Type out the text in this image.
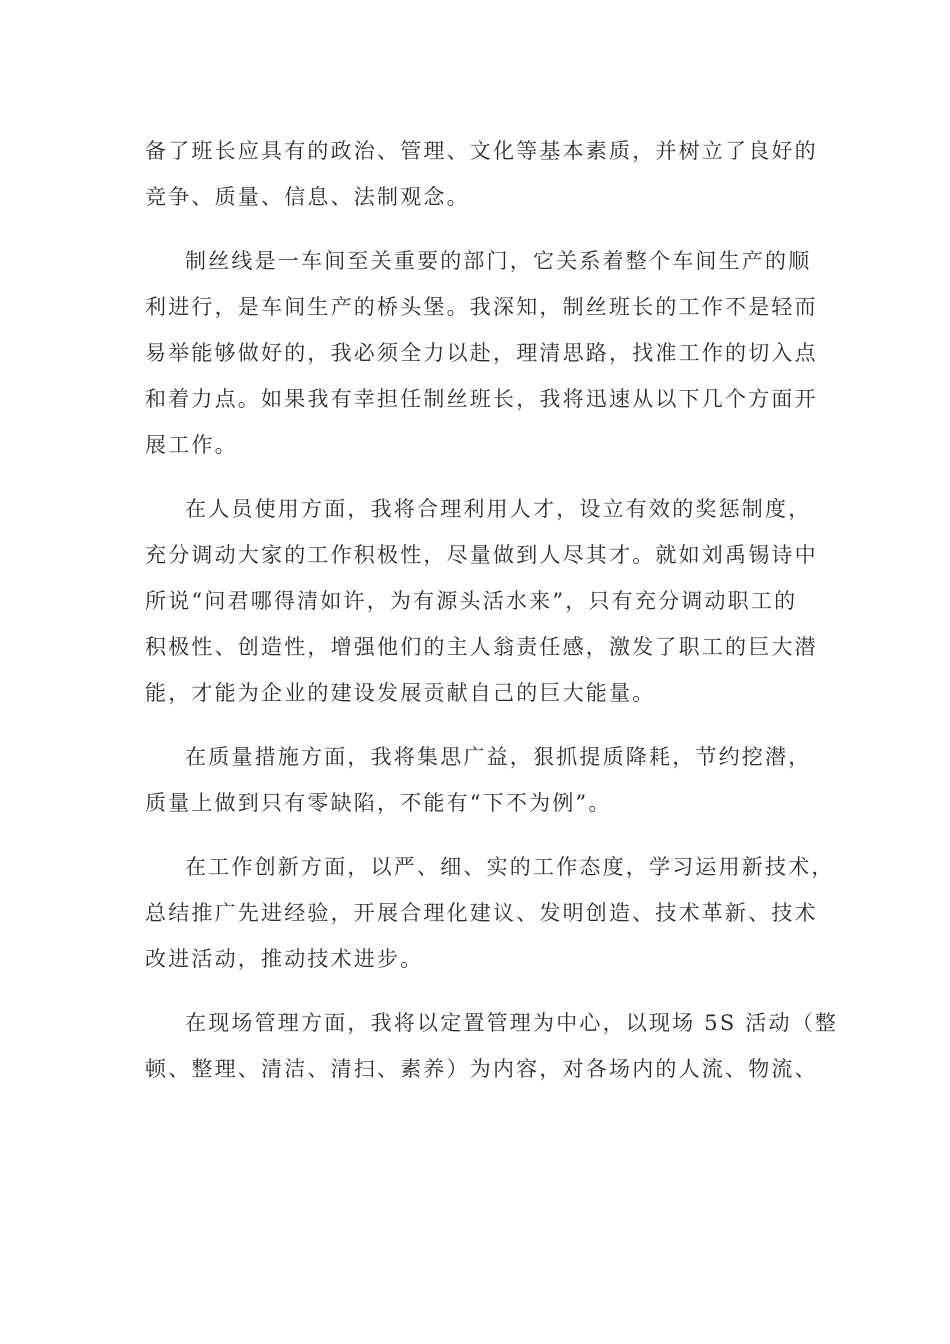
备了班长应具有的政治、管理、文化等基本素质，并树立了良好的
竞争、质量、信息、法制观念。
制丝线是一车间至关重要的部门，它关系着整个车间生产的顺
利进行，是车间生产的桥头堡。我深知，制丝班长的工作不是轻而
易举能够做好的，我必须全力以赴，理清思路，找准工作的切入点
和着力点。如果我有幸担任制丝班长，我将迅速从以下几个方面开
展工作。
在人员使用方面，我将合理利用人才，设立有效的奖惩制度，
充分调动大家的工作积极性，尽量做到人尽其才。就如刘禹锡诗中
所说“问君哪得清如许，为有源头活水来”，只有充分调动职工的
积极性、创造性，增强他们的主人翁责任感，激发了职工的巨大潜
能，才能为企业的建设发展贡献自己的巨大能量。
在质量措施方面，我将集思广益，狠抓提质降耗，节约挖潜，
质量上做到只有零缺陷，不能有“下不为例”。
在工作创新方面，以严、细、实的工作态度，学习运用新技术，
总结推广先进经验，开展合理化建议、发明创造、技术革新、技术
改进活动，推动技术进步。
在现场管理方面，我将以定置管理为中心，以现场 5S 活动（整
顿、整理、清洁、清扫、素养）为内容，对各场内的人流、物流、
